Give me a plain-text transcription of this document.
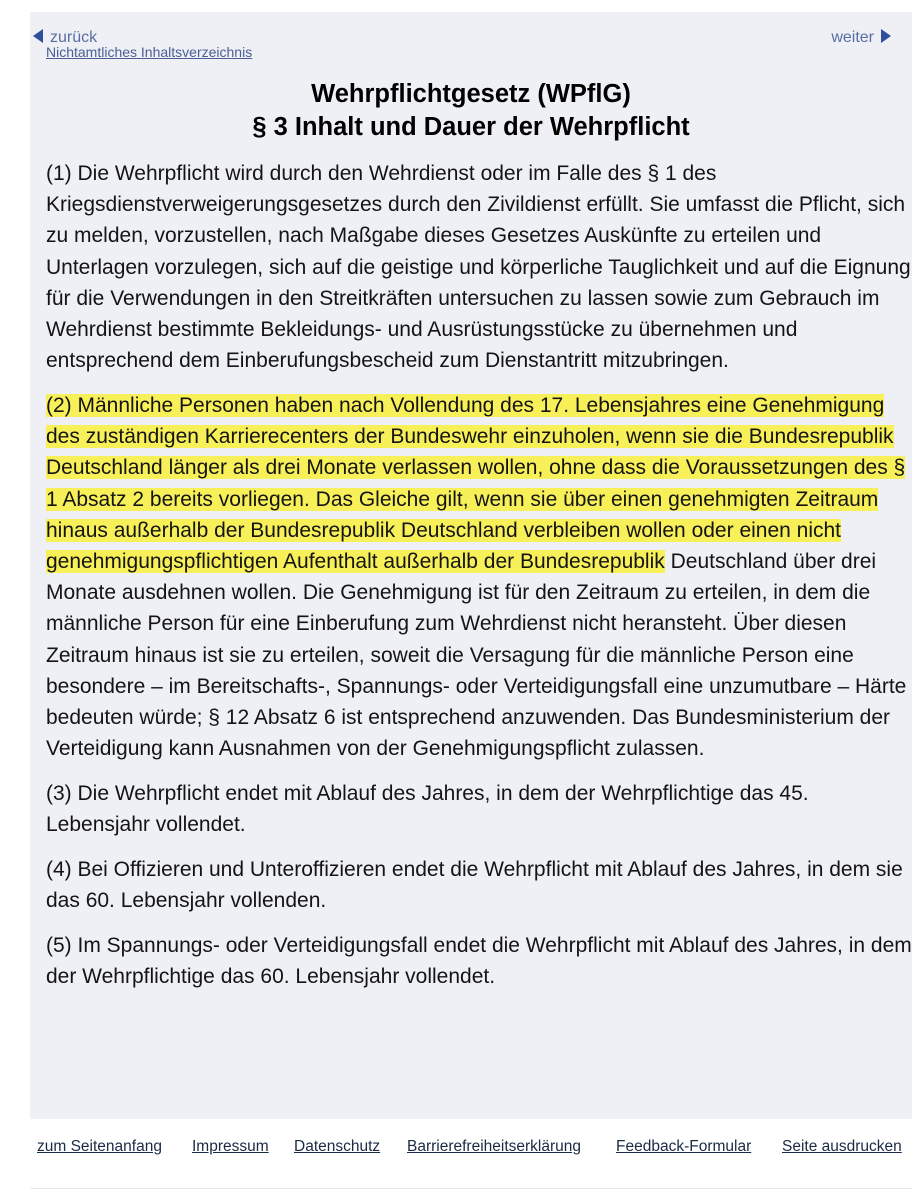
zurück	weiter
Nichtamtliches Inhaltsverzeichnis
Wehrpflichtgesetz (WPflG)
§ 3 Inhalt und Dauer der Wehrpflicht

(1) Die Wehrpflicht wird durch den Wehrdienst oder im Falle des § 1 des Kriegsdienstverweigerungsgesetzes durch den Zivildienst erfüllt. Sie umfasst die Pflicht, sich zu melden, vorzustellen, nach Maßgabe dieses Gesetzes Auskünfte zu erteilen und Unterlagen vorzulegen, sich auf die geistige und körperliche Tauglichkeit und auf die Eignung für die Verwendungen in den Streitkräften untersuchen zu lassen sowie zum Gebrauch im Wehrdienst bestimmte Bekleidungs- und Ausrüstungsstücke zu übernehmen und entsprechend dem Einberufungsbescheid zum Dienstantritt mitzubringen.

(2) Männliche Personen haben nach Vollendung des 17. Lebensjahres eine Genehmigung des zuständigen Karrierecenters der Bundeswehr einzuholen, wenn sie die Bundesrepublik Deutschland länger als drei Monate verlassen wollen, ohne dass die Voraussetzungen des § 1 Absatz 2 bereits vorliegen. Das Gleiche gilt, wenn sie über einen genehmigten Zeitraum hinaus außerhalb der Bundesrepublik Deutschland verbleiben wollen oder einen nicht genehmigungspflichtigen Aufenthalt außerhalb der Bundesrepublik Deutschland über drei Monate ausdehnen wollen. Die Genehmigung ist für den Zeitraum zu erteilen, in dem die männliche Person für eine Einberufung zum Wehrdienst nicht heransteht. Über diesen Zeitraum hinaus ist sie zu erteilen, soweit die Versagung für die männliche Person eine besondere – im Bereitschafts-, Spannungs- oder Verteidigungsfall eine unzumutbare – Härte bedeuten würde; § 12 Absatz 6 ist entsprechend anzuwenden. Das Bundesministerium der Verteidigung kann Ausnahmen von der Genehmigungspflicht zulassen.

(3) Die Wehrpflicht endet mit Ablauf des Jahres, in dem der Wehrpflichtige das 45. Lebensjahr vollendet.

(4) Bei Offizieren und Unteroffizieren endet die Wehrpflicht mit Ablauf des Jahres, in dem sie das 60. Lebensjahr vollenden.

(5) Im Spannungs- oder Verteidigungsfall endet die Wehrpflicht mit Ablauf des Jahres, in dem der Wehrpflichtige das 60. Lebensjahr vollendet.

zum Seitenanfang Impressum Datenschutz Barrierefreiheitserklärung Feedback-Formular Seite ausdrucken
